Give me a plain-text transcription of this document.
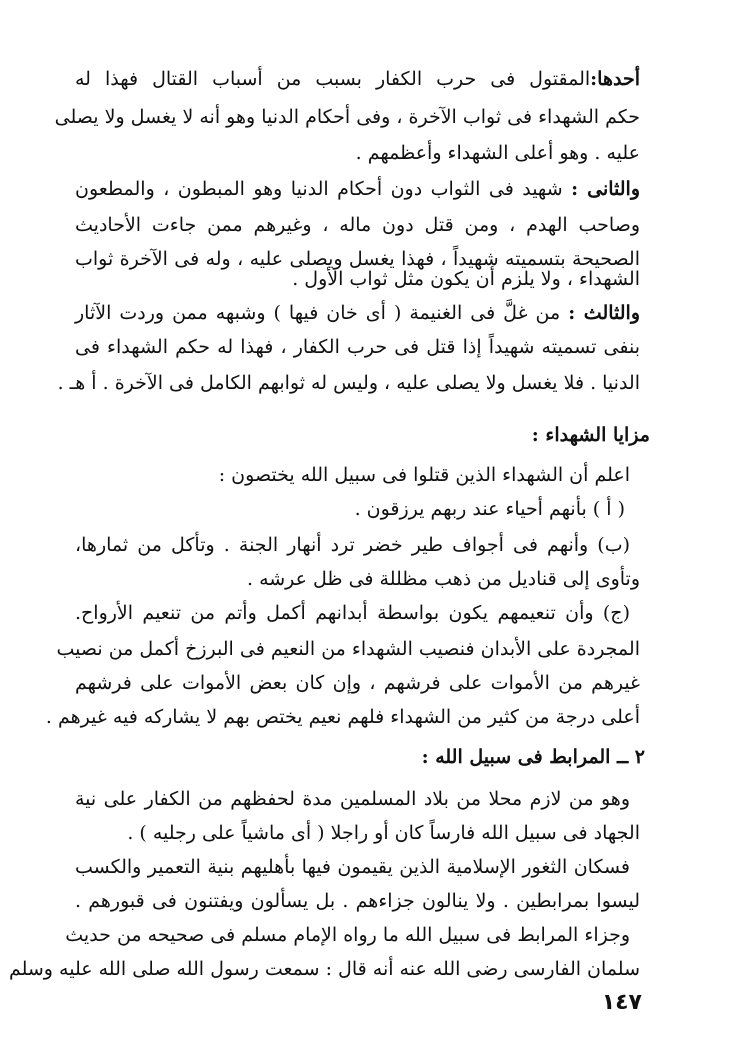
أحدها:المقتول فى حرب الكفار بسبب من أسباب القتال فهذا له
حكم الشهداء فى ثواب الآخرة ، وفى أحكام الدنيا وهو أنه لا يغسل ولا يصلى
عليه . وهو أعلى الشهداء وأعظمهم .
والثانى : شهيد فى الثواب دون أحكام الدنيا وهو المبطون ، والمطعون
وصاحب الهدم ، ومن قتل دون ماله ، وغيرهم ممن جاءت الأحاديث
الصحيحة بتسميته شهيداً ، فهذا يغسل ويصلى عليه ، وله فى الآخرة ثواب
الشهداء ، ولا يلزم أن يكون مثل ثواب الأول .
والثالث : من غلَّ فى الغنيمة ( أى خان فيها ) وشبهه ممن وردت الآثار
بنفى تسميته شهيداً إذا قتل فى حرب الكفار ، فهذا له حكم الشهداء فى
الدنيا . فلا يغسل ولا يصلى عليه ، وليس له ثوابهم الكامل فى الآخرة . أ هـ .
مزايا الشهداء :
اعلم أن الشهداء الذين قتلوا فى سبيل الله يختصون :
( أ ) بأنهم أحياء عند ربهم يرزقون .
(ب) وأنهم فى أجواف طير خضر ترد أنهار الجنة . وتأكل من ثمارها،
وتأوى إلى قناديل من ذهب مظللة فى ظل عرشه .
(ج) وأن تنعيمهم يكون بواسطة أبدانهم أكمل وأتم من تنعيم الأرواح.
المجردة على الأبدان فنصيب الشهداء من النعيم فى البرزخ أكمل من نصيب
غيرهم من الأموات على فرشهم ، وإن كان بعض الأموات على فرشهم
أعلى درجة من كثير من الشهداء فلهم نعيم يختص بهم لا يشاركه فيه غيرهم .
٢ ــ المرابط فى سبيل الله :
وهو من لازم محلا من بلاد المسلمين مدة لحفظهم من الكفار على نية
الجهاد فى سبيل الله فارساً كان أو راجلا ( أى ماشياً على رجليه ) .
فسكان الثغور الإسلامية الذين يقيمون فيها بأهليهم بنية التعمير والكسب
ليسوا بمرابطين . ولا ينالون جزاءهم . بل يسألون ويفتنون فى قبورهم .
وجزاء المرابط فى سبيل الله ما رواه الإمام مسلم فى صحيحه من حديث
سلمان الفارسى رضى الله عنه أنه قال : سمعت رسول الله صلى الله عليه وسلم
١٤٧
